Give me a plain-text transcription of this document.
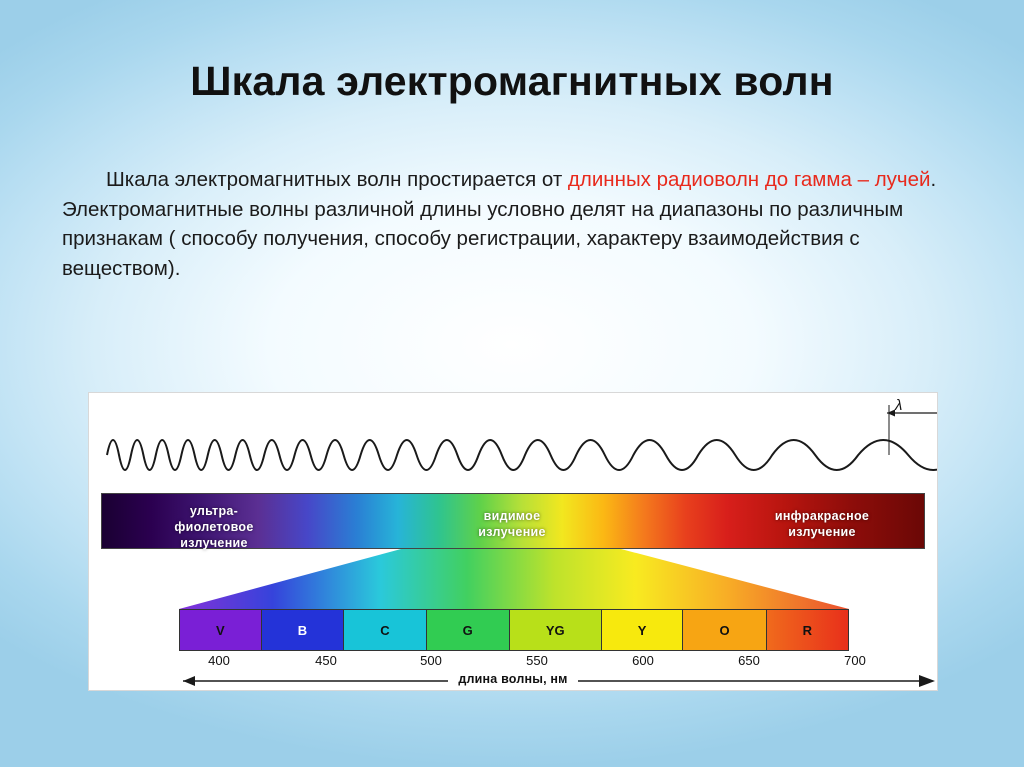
Шкала электромагнитных волн
Шкала электромагнитных волн простирается от длинных радиоволн до гамма – лучей. Электромагнитные волны различной длины условно делят на диапазоны по различным признакам ( способу получения, способу регистрации, характеру взаимодействия с веществом).
λ
ультра-
фиолетовое
излучение
видимое
излучение
инфракрасное
излучение
V	B	C	G	YG	Y	O	R
400	450	500	550	600	650	700
длина волны, нм
